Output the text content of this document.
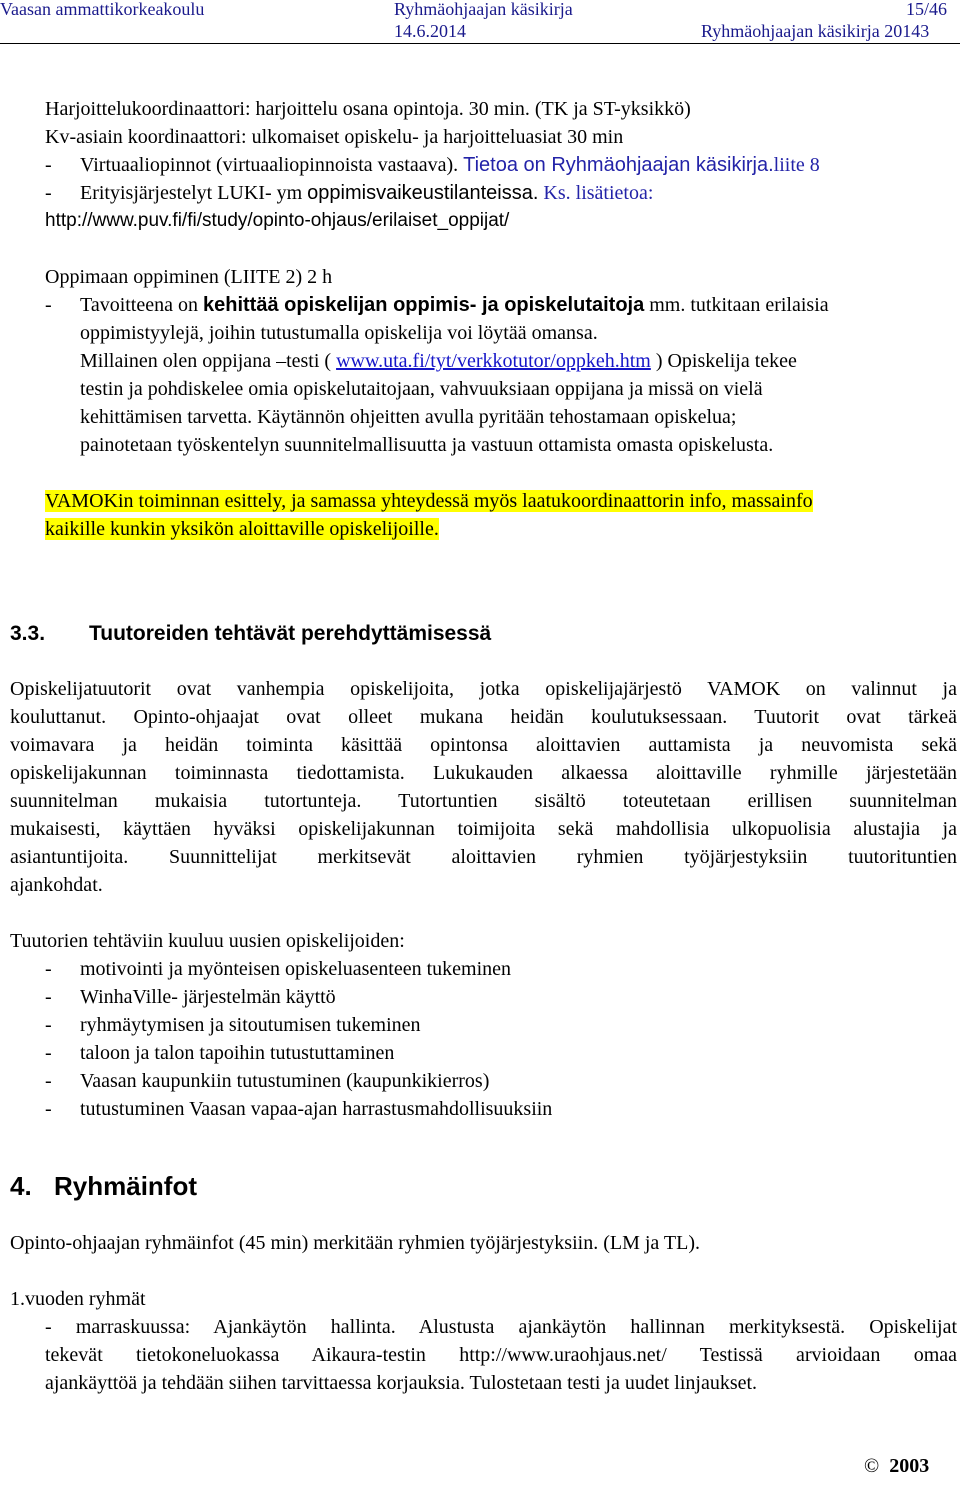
Vaasan ammattikorkeakoulu	Ryhmäohjaajan käsikirja	15/46
14.6.2014	Ryhmäohjaajan käsikirja 20143
Harjoittelukoordinaattori: harjoittelu osana opintoja. 30 min. (TK ja ST-yksikkö)
Kv-asiain koordinaattori: ulkomaiset opiskelu- ja harjoitteluasiat 30 min
- Virtuaaliopinnot (virtuaaliopinnoista vastaava). Tietoa on Ryhmäohjaajan käsikirja.liite 8
- Erityisjärjestelyt LUKI- ym oppimisvaikeustilanteissa. Ks. lisätietoa:
http://www.puv.fi/fi/study/opinto-ohjaus/erilaiset_oppijat/
Oppimaan oppiminen (LIITE 2) 2 h
- Tavoitteena on kehittää opiskelijan oppimis- ja opiskelutaitoja mm. tutkitaan erilaisia
oppimistyylejä, joihin tutustumalla opiskelija voi löytää omansa.
Millainen olen oppijana –testi ( www.uta.fi/tyt/verkkotutor/oppkeh.htm ) Opiskelija tekee
testin ja pohdiskelee omia opiskelutaitojaan, vahvuuksiaan oppijana ja missä on vielä
kehittämisen tarvetta. Käytännön ohjeitten avulla pyritään tehostamaan opiskelua;
painotetaan työskentelyn suunnitelmallisuutta ja vastuun ottamista omasta opiskelusta.
VAMOKin toiminnan esittely, ja samassa yhteydessä myös laatukoordinaattorin info, massainfo
kaikille kunkin yksikön aloittaville opiskelijoille.
3.3. Tuutoreiden tehtävät perehdyttämisessä
Opiskelijatuutorit ovat vanhempia opiskelijoita, jotka opiskelijajärjestö VAMOK on valinnut ja
kouluttanut. Opinto-ohjaajat ovat olleet mukana heidän koulutuksessaan. Tuutorit ovat tärkeä
voimavara ja heidän toiminta käsittää opintonsa aloittavien auttamista ja neuvomista sekä
opiskelijakunnan toiminnasta tiedottamista. Lukukauden alkaessa aloittaville ryhmille järjestetään
suunnitelman mukaisia tutortunteja. Tutortuntien sisältö toteutetaan erillisen suunnitelman
mukaisesti, käyttäen hyväksi opiskelijakunnan toimijoita sekä mahdollisia ulkopuolisia alustajia ja
asiantuntijoita. Suunnittelijat merkitsevät aloittavien ryhmien työjärjestyksiin tuutorituntien
ajankohdat.
Tuutorien tehtäviin kuuluu uusien opiskelijoiden:
- motivointi ja myönteisen opiskeluasenteen tukeminen
- WinhaVille- järjestelmän käyttö
- ryhmäytymisen ja sitoutumisen tukeminen
- taloon ja talon tapoihin tutustuttaminen
- Vaasan kaupunkiin tutustuminen (kaupunkikierros)
- tutustuminen Vaasan vapaa-ajan harrastusmahdollisuuksiin
4. Ryhmäinfot
Opinto-ohjaajan ryhmäinfot (45 min) merkitään ryhmien työjärjestyksiin. (LM ja TL).
1.vuoden ryhmät
- marraskuussa: Ajankäytön hallinta. Alustusta ajankäytön hallinnan merkityksestä. Opiskelijat
tekevät tietokoneluokassa Aikaura-testin http://www.uraohjaus.net/ Testissä arvioidaan omaa
ajankäyttöä ja tehdään siihen tarvittaessa korjauksia. Tulostetaan testi ja uudet linjaukset.
© 2003
